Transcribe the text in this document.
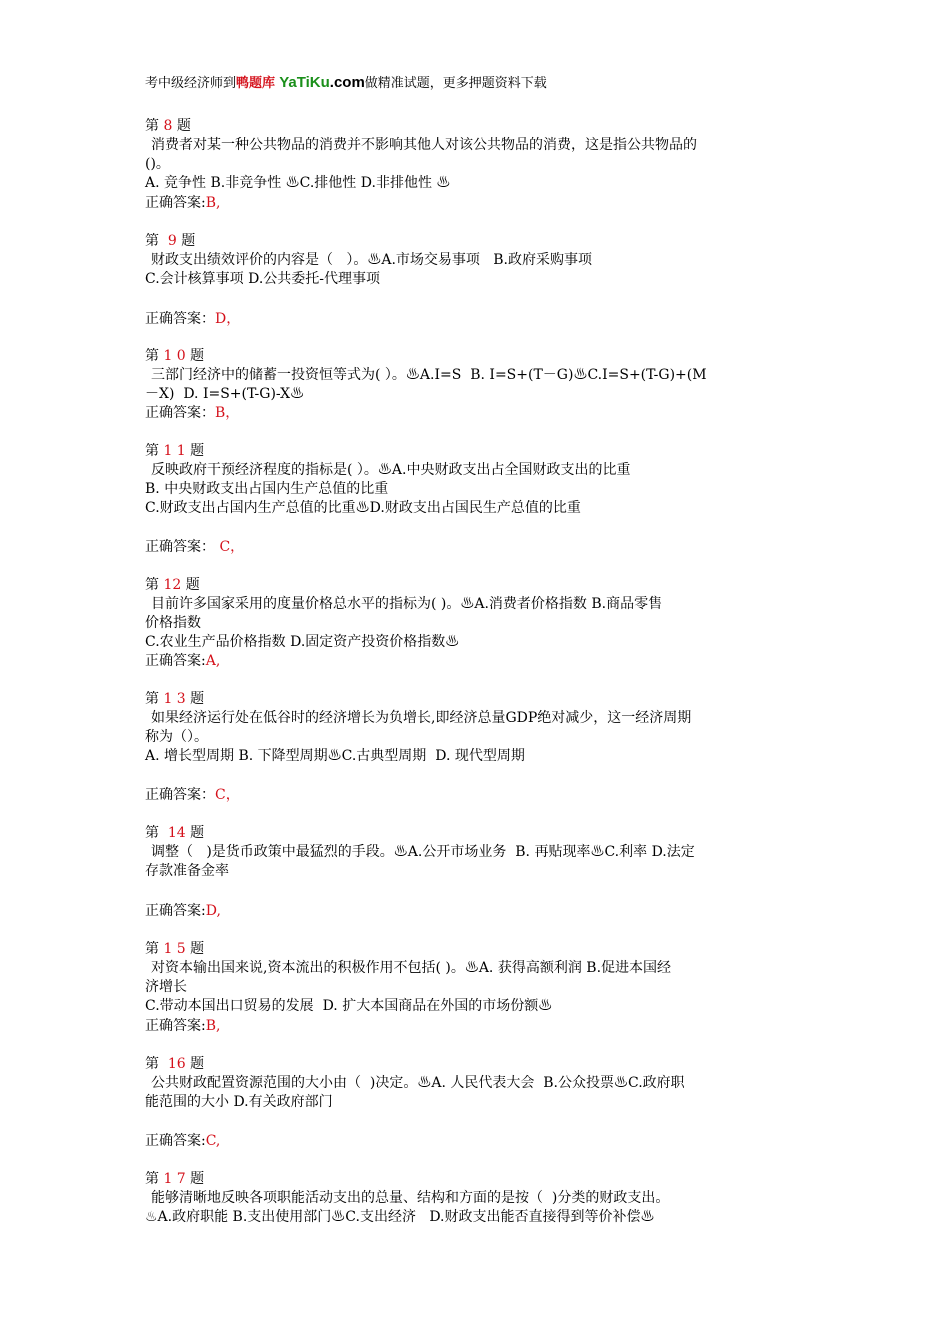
考中级经济师到鸭题库 YaTiKu.com做精准试题，更多押题资料下载
第 8 题
消费者对某一种公共物品的消费并不影响其他人对该公共物品的消费，这是指公共物品的
()。
A. 竞争性 B.非竞争性 ♨C.排他性 D.非排他性 ♨
正确答案:B,
第  9 题
财政支出绩效评价的内容是（   ）。♨A.市场交易事项   B.政府采购事项
C.会计核算事项 D.公共委托-代理事项
正确答案：D，
第 1 0 题
三部门经济中的储蓄一投资恒等式为( ）。♨A.I=S  B. I=S+(T－G)♨C.I=S+(T-G)+(M
－X)  D. I=S+(T-G)-X♨
正确答案：B，
第 1 1 题
反映政府干预经济程度的指标是( ）。♨A.中央财政支出占全国财政支出的比重
B. 中央财政支出占国内生产总值的比重
C.财政支出占国内生产总值的比重♨D.财政支出占国民生产总值的比重
正确答案： C，
第 12 题
目前许多国家采用的度量价格总水平的指标为( )。♨A.消费者价格指数 B.商品零售
价格指数
C.农业生产品价格指数 D.固定资产投资价格指数♨
正确答案:A,
第 1 3 题
如果经济运行处在低谷时的经济增长为负增长,即经济总量GDP绝对减少，这一经济周期
称为（）。
A. 增长型周期 B. 下降型周期♨C.古典型周期  D. 现代型周期
正确答案：C，
第  14 题
调整（   )是货币政策中最猛烈的手段。♨A.公开市场业务  B. 再贴现率♨C.利率 D.法定
存款准备金率
正确答案:D,
第 1 5 题
对资本输出国来说,资本流出的积极作用不包括( )。♨A. 获得高额利润 B.促进本国经
济增长
C.带动本国出口贸易的发展  D. 扩大本国商品在外国的市场份额♨
正确答案:B,
第  16 题
公共财政配置资源范围的大小由（  )决定。♨A. 人民代表大会  B.公众投票♨C.政府职
能范围的大小 D.有关政府部门
正确答案:C,
第 1 7 题
能够清晰地反映各项职能活动支出的总量、结构和方面的是按（  )分类的财政支出。
♨A.政府职能 B.支出使用部门♨C.支出经济   D.财政支出能否直接得到等价补偿♨
